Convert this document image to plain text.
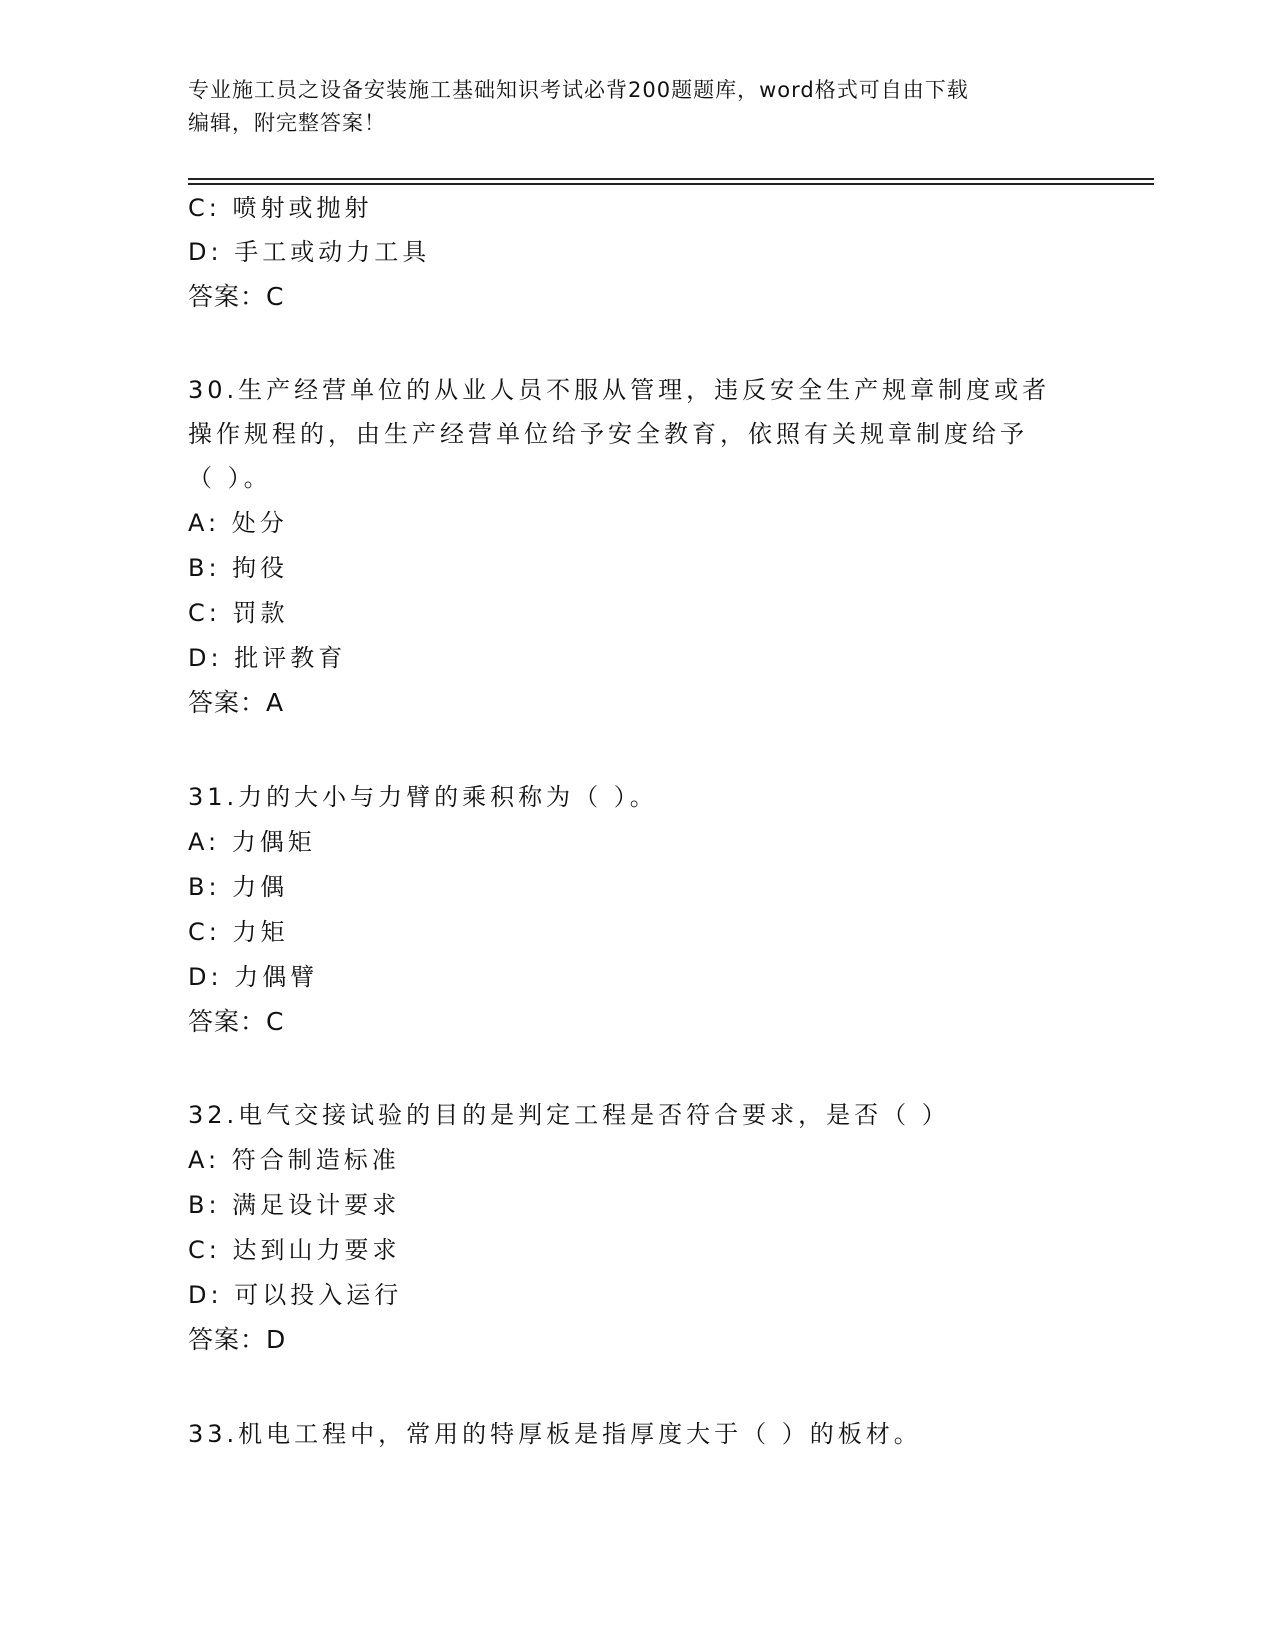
专业施工员之设备安装施工基础知识考试必背200题题库，word格式可自由下载
编辑，附完整答案！
C: 喷射或抛射
D: 手工或动力工具
答案：C
30.生产经营单位的从业人员不服从管理，违反安全生产规章制度或者
操作规程的，由生产经营单位给予安全教育，依照有关规章制度给予
（ ）。
A: 处分
B: 拘役
C: 罚款
D: 批评教育
答案：A
31.力的大小与力臂的乘积称为（ ）。
A: 力偶矩
B: 力偶
C: 力矩
D: 力偶臂
答案：C
32.电气交接试验的目的是判定工程是否符合要求，是否（ ）
A: 符合制造标准
B: 满足设计要求
C: 达到山力要求
D: 可以投入运行
答案：D
33.机电工程中，常用的特厚板是指厚度大于（ ）的板材。
